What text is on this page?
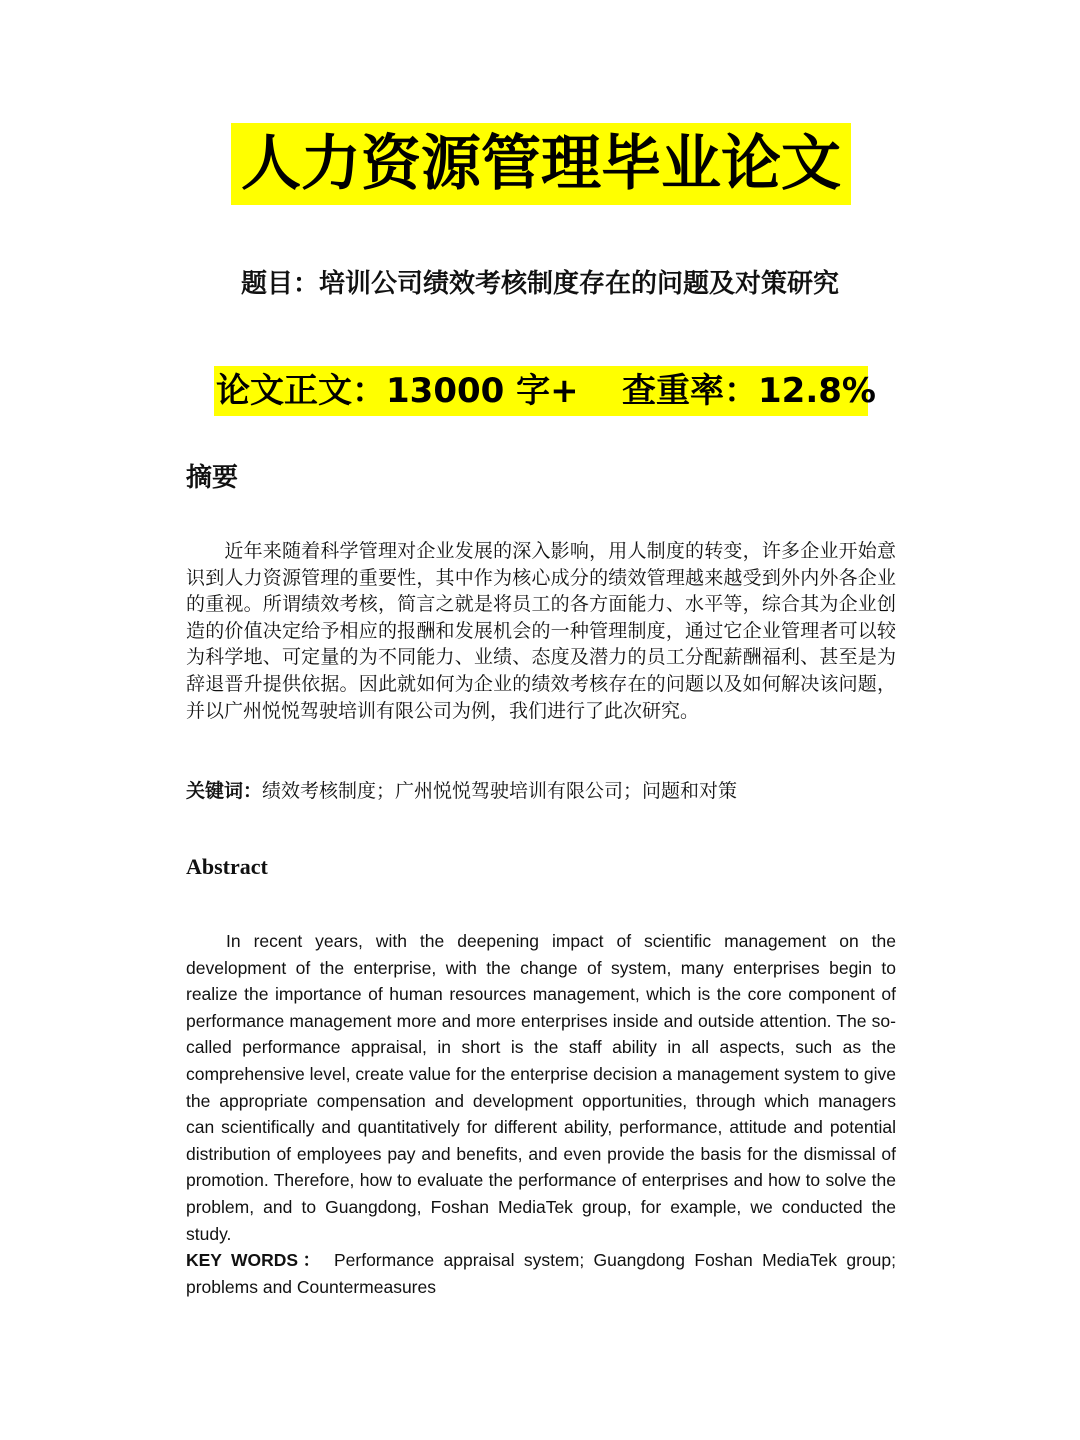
人力资源管理毕业论文
题目：培训公司绩效考核制度存在的问题及对策研究
论文正文：13000 字+ 查重率：12.8%
摘要

　　近年来随着科学管理对企业发展的深入影响，用人制度的转变，许多企业开始意识到人力资源管理的重要性，其中作为核心成分的绩效管理越来越受到外内外各企业的重视。所谓绩效考核，简言之就是将员工的各方面能力、水平等，综合其为企业创造的价值决定给予相应的报酬和发展机会的一种管理制度，通过它企业管理者可以较为科学地、可定量的为不同能力、业绩、态度及潜力的员工分配薪酬福利、甚至是为辞退晋升提供依据。因此就如何为企业的绩效考核存在的问题以及如何解决该问题，并以广州悦悦驾驶培训有限公司为例，我们进行了此次研究。

关键词：绩效考核制度；广州悦悦驾驶培训有限公司；问题和对策
Abstract

In recent years, with the deepening impact of scientific management on the development of the enterprise, with the change of system, many enterprises begin to realize the importance of human resources management, which is the core component of performance management more and more enterprises inside and outside attention. The so-called performance appraisal, in short is the staff ability in all aspects, such as the comprehensive level, create value for the enterprise decision a management system to give the appropriate compensation and development opportunities, through which managers can scientifically and quantitatively for different ability, performance, attitude and potential distribution of employees pay and benefits, and even provide the basis for the dismissal of promotion. Therefore, how to evaluate the performance of enterprises and how to solve the problem, and to Guangdong, Foshan MediaTek group, for example, we conducted the study.

KEY WORDS： Performance appraisal system; Guangdong Foshan MediaTek group; problems and Countermeasures
